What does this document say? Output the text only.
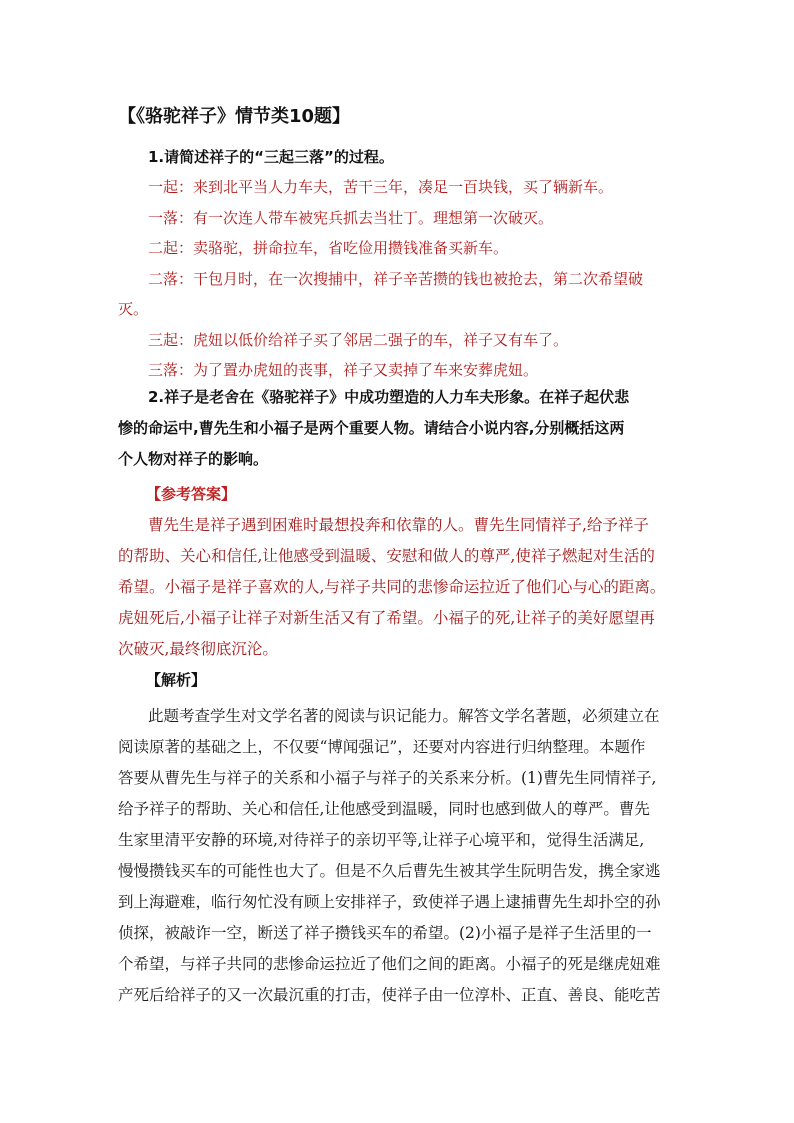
【《骆驼祥子》情节类10题】
1.请简述祥子的“三起三落”的过程。
一起：来到北平当人力车夫，苦干三年，凑足一百块钱，买了辆新车。
一落：有一次连人带车被宪兵抓去当壮丁。理想第一次破灭。
二起：卖骆驼，拼命拉车，省吃俭用攒钱准备买新车。
二落：干包月时，在一次搜捕中，祥子辛苦攒的钱也被抢去，第二次希望破
灭。
三起：虎妞以低价给祥子买了邻居二强子的车，祥子又有车了。
三落：为了置办虎妞的丧事，祥子又卖掉了车来安葬虎妞。
2.祥子是老舍在《骆驼祥子》中成功塑造的人力车夫形象。在祥子起伏悲
惨的命运中,曹先生和小福子是两个重要人物。请结合小说内容,分别概括这两
个人物对祥子的影响。
【参考答案】
曹先生是祥子遇到困难时最想投奔和依靠的人。曹先生同情祥子,给予祥子
的帮助、关心和信任,让他感受到温暖、安慰和做人的尊严,使祥子燃起对生活的
希望。小福子是祥子喜欢的人,与祥子共同的悲惨命运拉近了他们心与心的距离。
虎妞死后,小福子让祥子对新生活又有了希望。小福子的死,让祥子的美好愿望再
次破灭,最终彻底沉沦。
【解析】
此题考查学生对文学名著的阅读与识记能力。解答文学名著题，必须建立在
阅读原著的基础之上，不仅要“博闻强记”，还要对内容进行归纳整理。本题作
答要从曹先生与祥子的关系和小福子与祥子的关系来分析。(1)曹先生同情祥子,
给予祥子的帮助、关心和信任,让他感受到温暖，同时也感到做人的尊严。曹先
生家里清平安静的环境,对待祥子的亲切平等,让祥子心境平和，觉得生活满足,
慢慢攒钱买车的可能性也大了。但是不久后曹先生被其学生阮明告发，携全家逃
到上海避难，临行匆忙没有顾上安排祥子，致使祥子遇上逮捕曹先生却扑空的孙
侦探，被敲诈一空，断送了祥子攒钱买车的希望。(2)小福子是祥子生活里的一
个希望，与祥子共同的悲惨命运拉近了他们之间的距离。小福子的死是继虎妞难
产死后给祥子的又一次最沉重的打击，使祥子由一位淳朴、正直、善良、能吃苦
